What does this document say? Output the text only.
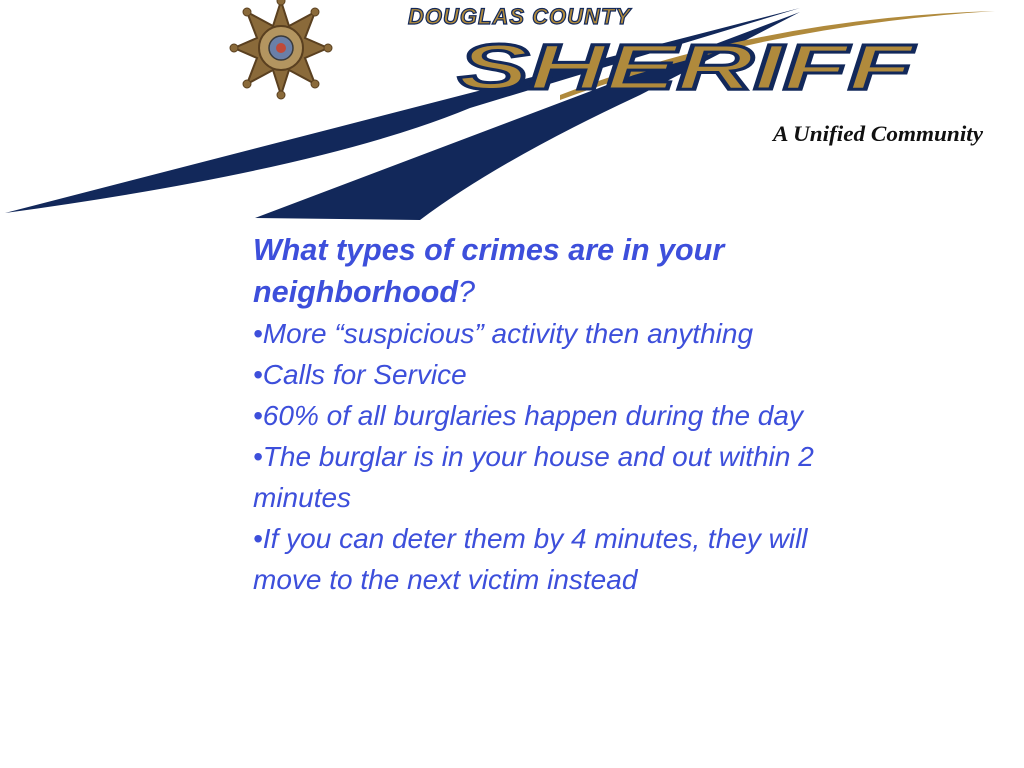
DOUGLAS COUNTY
SHERIFF
A Unified Community

What types of crimes are in your neighborhood?

•More “suspicious” activity then anything
•Calls for Service
•60% of all burglaries happen during the day
•The burglar is in your house and out within 2 minutes
•If you can deter them by 4 minutes, they will move to the next victim instead
